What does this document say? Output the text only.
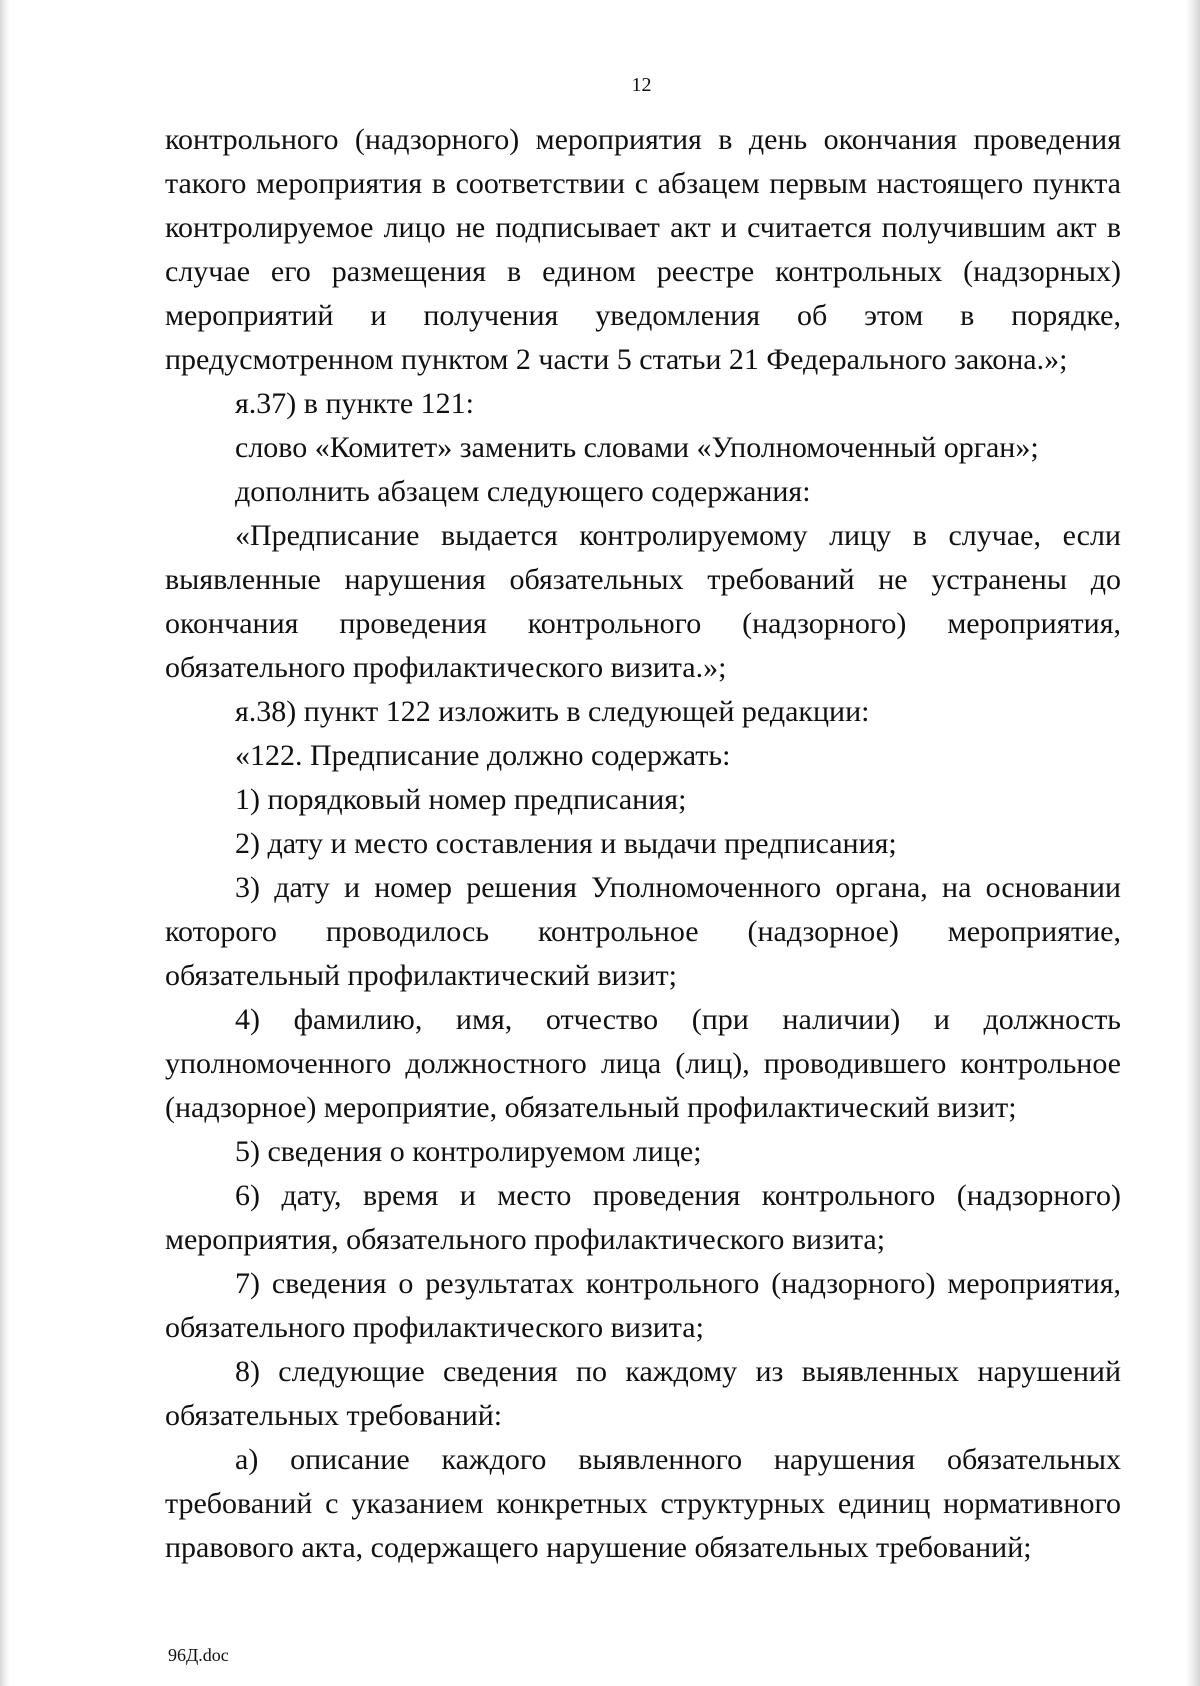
12

контрольного (надзорного) мероприятия в день окончания проведения такого мероприятия в соответствии с абзацем первым настоящего пункта контролируемое лицо не подписывает акт и считается получившим акт в случае его размещения в едином реестре контрольных (надзорных) мероприятий и получения уведомления об этом в порядке, предусмотренном пунктом 2 части 5 статьи 21 Федерального закона.»;

я.37) в пункте 121:

слово «Комитет» заменить словами «Уполномоченный орган»;

дополнить абзацем следующего содержания:

«Предписание выдается контролируемому лицу в случае, если выявленные нарушения обязательных требований не устранены до окончания проведения контрольного (надзорного) мероприятия, обязательного профилактического визита.»;

я.38) пункт 122 изложить в следующей редакции:

«122. Предписание должно содержать:

1) порядковый номер предписания;

2) дату и место составления и выдачи предписания;

3) дату и номер решения Уполномоченного органа, на основании которого проводилось контрольное (надзорное) мероприятие, обязательный профилактический визит;

4) фамилию, имя, отчество (при наличии) и должность уполномоченного должностного лица (лиц), проводившего контрольное (надзорное) мероприятие, обязательный профилактический визит;

5) сведения о контролируемом лице;

6) дату, время и место проведения контрольного (надзорного) мероприятия, обязательного профилактического визита;

7) сведения о результатах контрольного (надзорного) мероприятия, обязательного профилактического визита;

8) следующие сведения по каждому из выявленных нарушений обязательных требований:

а) описание каждого выявленного нарушения обязательных требований с указанием конкретных структурных единиц нормативного правового акта, содержащего нарушение обязательных требований;

96Д.doc
